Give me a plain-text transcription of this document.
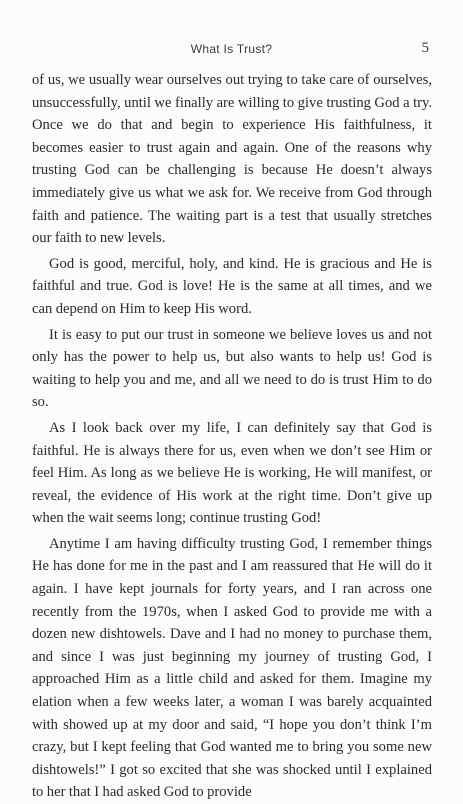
What Is Trust?	5

of us, we usually wear ourselves out trying to take care of ourselves, unsuccessfully, until we finally are willing to give trusting God a try. Once we do that and begin to experience His faithfulness, it becomes easier to trust again and again. One of the reasons why trusting God can be challenging is because He doesn’t always immediately give us what we ask for. We receive from God through faith and patience. The waiting part is a test that usually stretches our faith to new levels.

God is good, merciful, holy, and kind. He is gracious and He is faithful and true. God is love! He is the same at all times, and we can depend on Him to keep His word.

It is easy to put our trust in someone we believe loves us and not only has the power to help us, but also wants to help us! God is waiting to help you and me, and all we need to do is trust Him to do so.

As I look back over my life, I can definitely say that God is faithful. He is always there for us, even when we don’t see Him or feel Him. As long as we believe He is working, He will manifest, or reveal, the evidence of His work at the right time. Don’t give up when the wait seems long; continue trusting God!

Anytime I am having difficulty trusting God, I remember things He has done for me in the past and I am reassured that He will do it again. I have kept journals for forty years, and I ran across one recently from the 1970s, when I asked God to provide me with a dozen new dishtowels. Dave and I had no money to purchase them, and since I was just beginning my journey of trusting God, I approached Him as a little child and asked for them. Imagine my elation when a few weeks later, a woman I was barely acquainted with showed up at my door and said, “I hope you don’t think I’m crazy, but I kept feeling that God wanted me to bring you some new dishtowels!” I got so excited that she was shocked until I explained to her that I had asked God to provide
